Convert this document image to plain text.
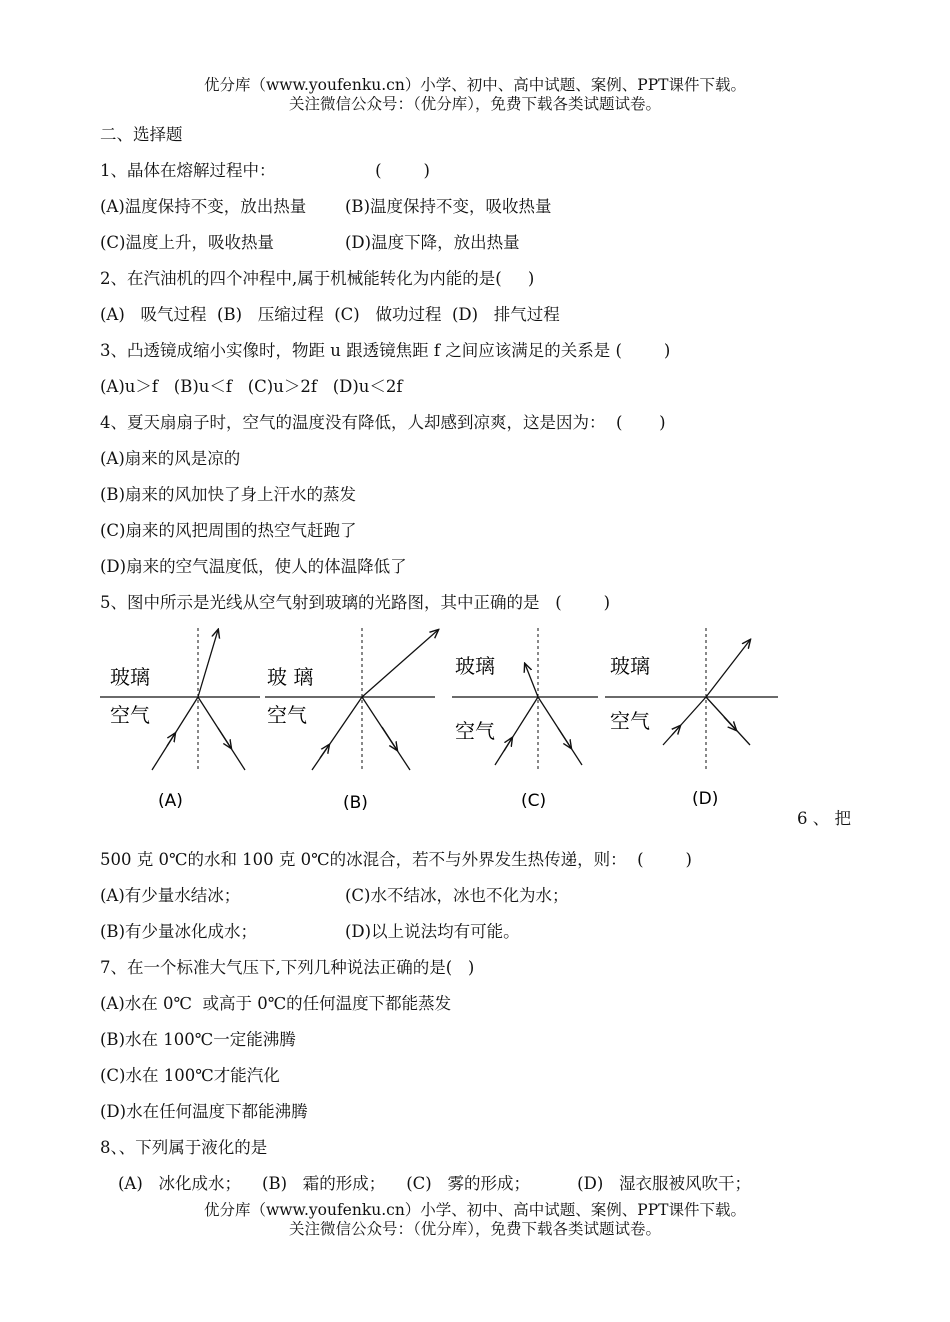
优分库（www.youfenku.cn）小学、初中、高中试题、案例、PPT课件下载。
关注微信公众号：（优分库），免费下载各类试题试卷。
二、选择题
1、晶体在熔解过程中：                   (        )
(A)温度保持不变，放出热量 (B)温度保持不变，吸收热量
(C)温度上升，吸收热量	(D)温度下降，放出热量
2、在汽油机的四个冲程中,属于机械能转化为内能的是(     )
(A)   吸气过程  (B)   压缩过程  (C)   做功过程  (D)   排气过程
3、凸透镜成缩小实像时，物距 u 跟透镜焦距 f 之间应该满足的关系是 (        )
(A)u＞f   (B)u＜f   (C)u＞2f   (D)u＜2f
4、夏天扇扇子时，空气的温度没有降低，人却感到凉爽，这是因为：  (       )
(A)扇来的风是凉的
(B)扇来的风加快了身上汗水的蒸发
(C)扇来的风把周围的热空气赶跑了
(D)扇来的空气温度低，使人的体温降低了
5、图中所示是光线从空气射到玻璃的光路图，其中正确的是   (        )
玻璃
空气
(A)
玻 璃
空气
(B)
玻璃
空气
(C)
玻璃
空气
(D)
6 、 把
500 克 0℃的水和 100 克 0℃的冰混合，若不与外界发生热传递，则：  (        )
(A)有少量水结冰；	(C)水不结冰，冰也不化为水；
(B)有少量冰化成水；	(D)以上说法均有可能。
7、在一个标准大气压下,下列几种说法正确的是(   )
(A)水在 0℃  或高于 0℃的任何温度下都能蒸发
(B)水在 100℃一定能沸腾
(C)水在 100℃才能汽化
(D)水在任何温度下都能沸腾
8、、下列属于液化的是
(A)   冰化成水；    (B)   霜的形成；    (C)   雾的形成；         (D)   湿衣服被风吹干；
优分库（www.youfenku.cn）小学、初中、高中试题、案例、PPT课件下载。
关注微信公众号：（优分库），免费下载各类试题试卷。
